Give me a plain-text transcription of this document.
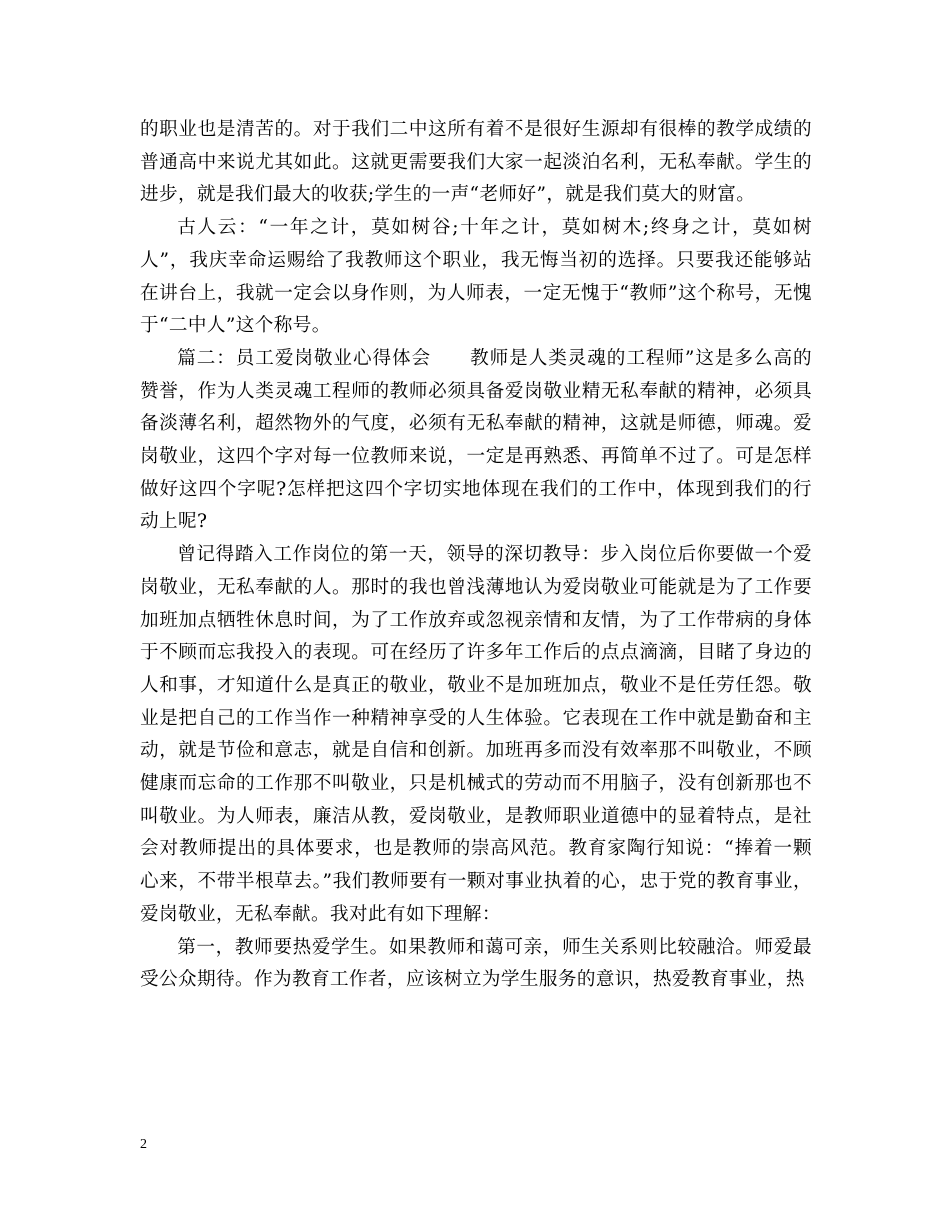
的职业也是清苦的。对于我们二中这所有着不是很好生源却有很棒的教学成绩的普通高中来说尤其如此。这就更需要我们大家一起淡泊名利，无私奉献。学生的进步，就是我们最大的收获;学生的一声“老师好”，就是我们莫大的财富。

古人云：“一年之计，莫如树谷;十年之计，莫如树木;终身之计，莫如树人”，我庆幸命运赐给了我教师这个职业，我无悔当初的选择。只要我还能够站在讲台上，我就一定会以身作则，为人师表，一定无愧于“教师”这个称号，无愧于“二中人”这个称号。

篇二：员工爱岗敬业心得体会　　教师是人类灵魂的工程师”这是多么高的赞誉，作为人类灵魂工程师的教师必须具备爱岗敬业精无私奉献的精神，必须具备淡薄名利，超然物外的气度，必须有无私奉献的精神，这就是师德，师魂。爱岗敬业，这四个字对每一位教师来说，一定是再熟悉、再简单不过了。可是怎样做好这四个字呢?怎样把这四个字切实地体现在我们的工作中，体现到我们的行动上呢?

曾记得踏入工作岗位的第一天，领导的深切教导：步入岗位后你要做一个爱岗敬业，无私奉献的人。那时的我也曾浅薄地认为爱岗敬业可能就是为了工作要加班加点牺牲休息时间，为了工作放弃或忽视亲情和友情，为了工作带病的身体于不顾而忘我投入的表现。可在经历了许多年工作后的点点滴滴，目睹了身边的人和事，才知道什么是真正的敬业，敬业不是加班加点，敬业不是任劳任怨。敬业是把自己的工作当作一种精神享受的人生体验。它表现在工作中就是勤奋和主动，就是节俭和意志，就是自信和创新。加班再多而没有效率那不叫敬业，不顾健康而忘命的工作那不叫敬业，只是机械式的劳动而不用脑子，没有创新那也不叫敬业。为人师表，廉洁从教，爱岗敬业，是教师职业道德中的显着特点，是社会对教师提出的具体要求，也是教师的崇高风范。教育家陶行知说：“捧着一颗心来，不带半根草去。”我们教师要有一颗对事业执着的心，忠于党的教育事业，爱岗敬业，无私奉献。我对此有如下理解：

第一，教师要热爱学生。如果教师和蔼可亲，师生关系则比较融洽。师爱最受公众期待。作为教育工作者，应该树立为学生服务的意识，热爱教育事业，热

2
